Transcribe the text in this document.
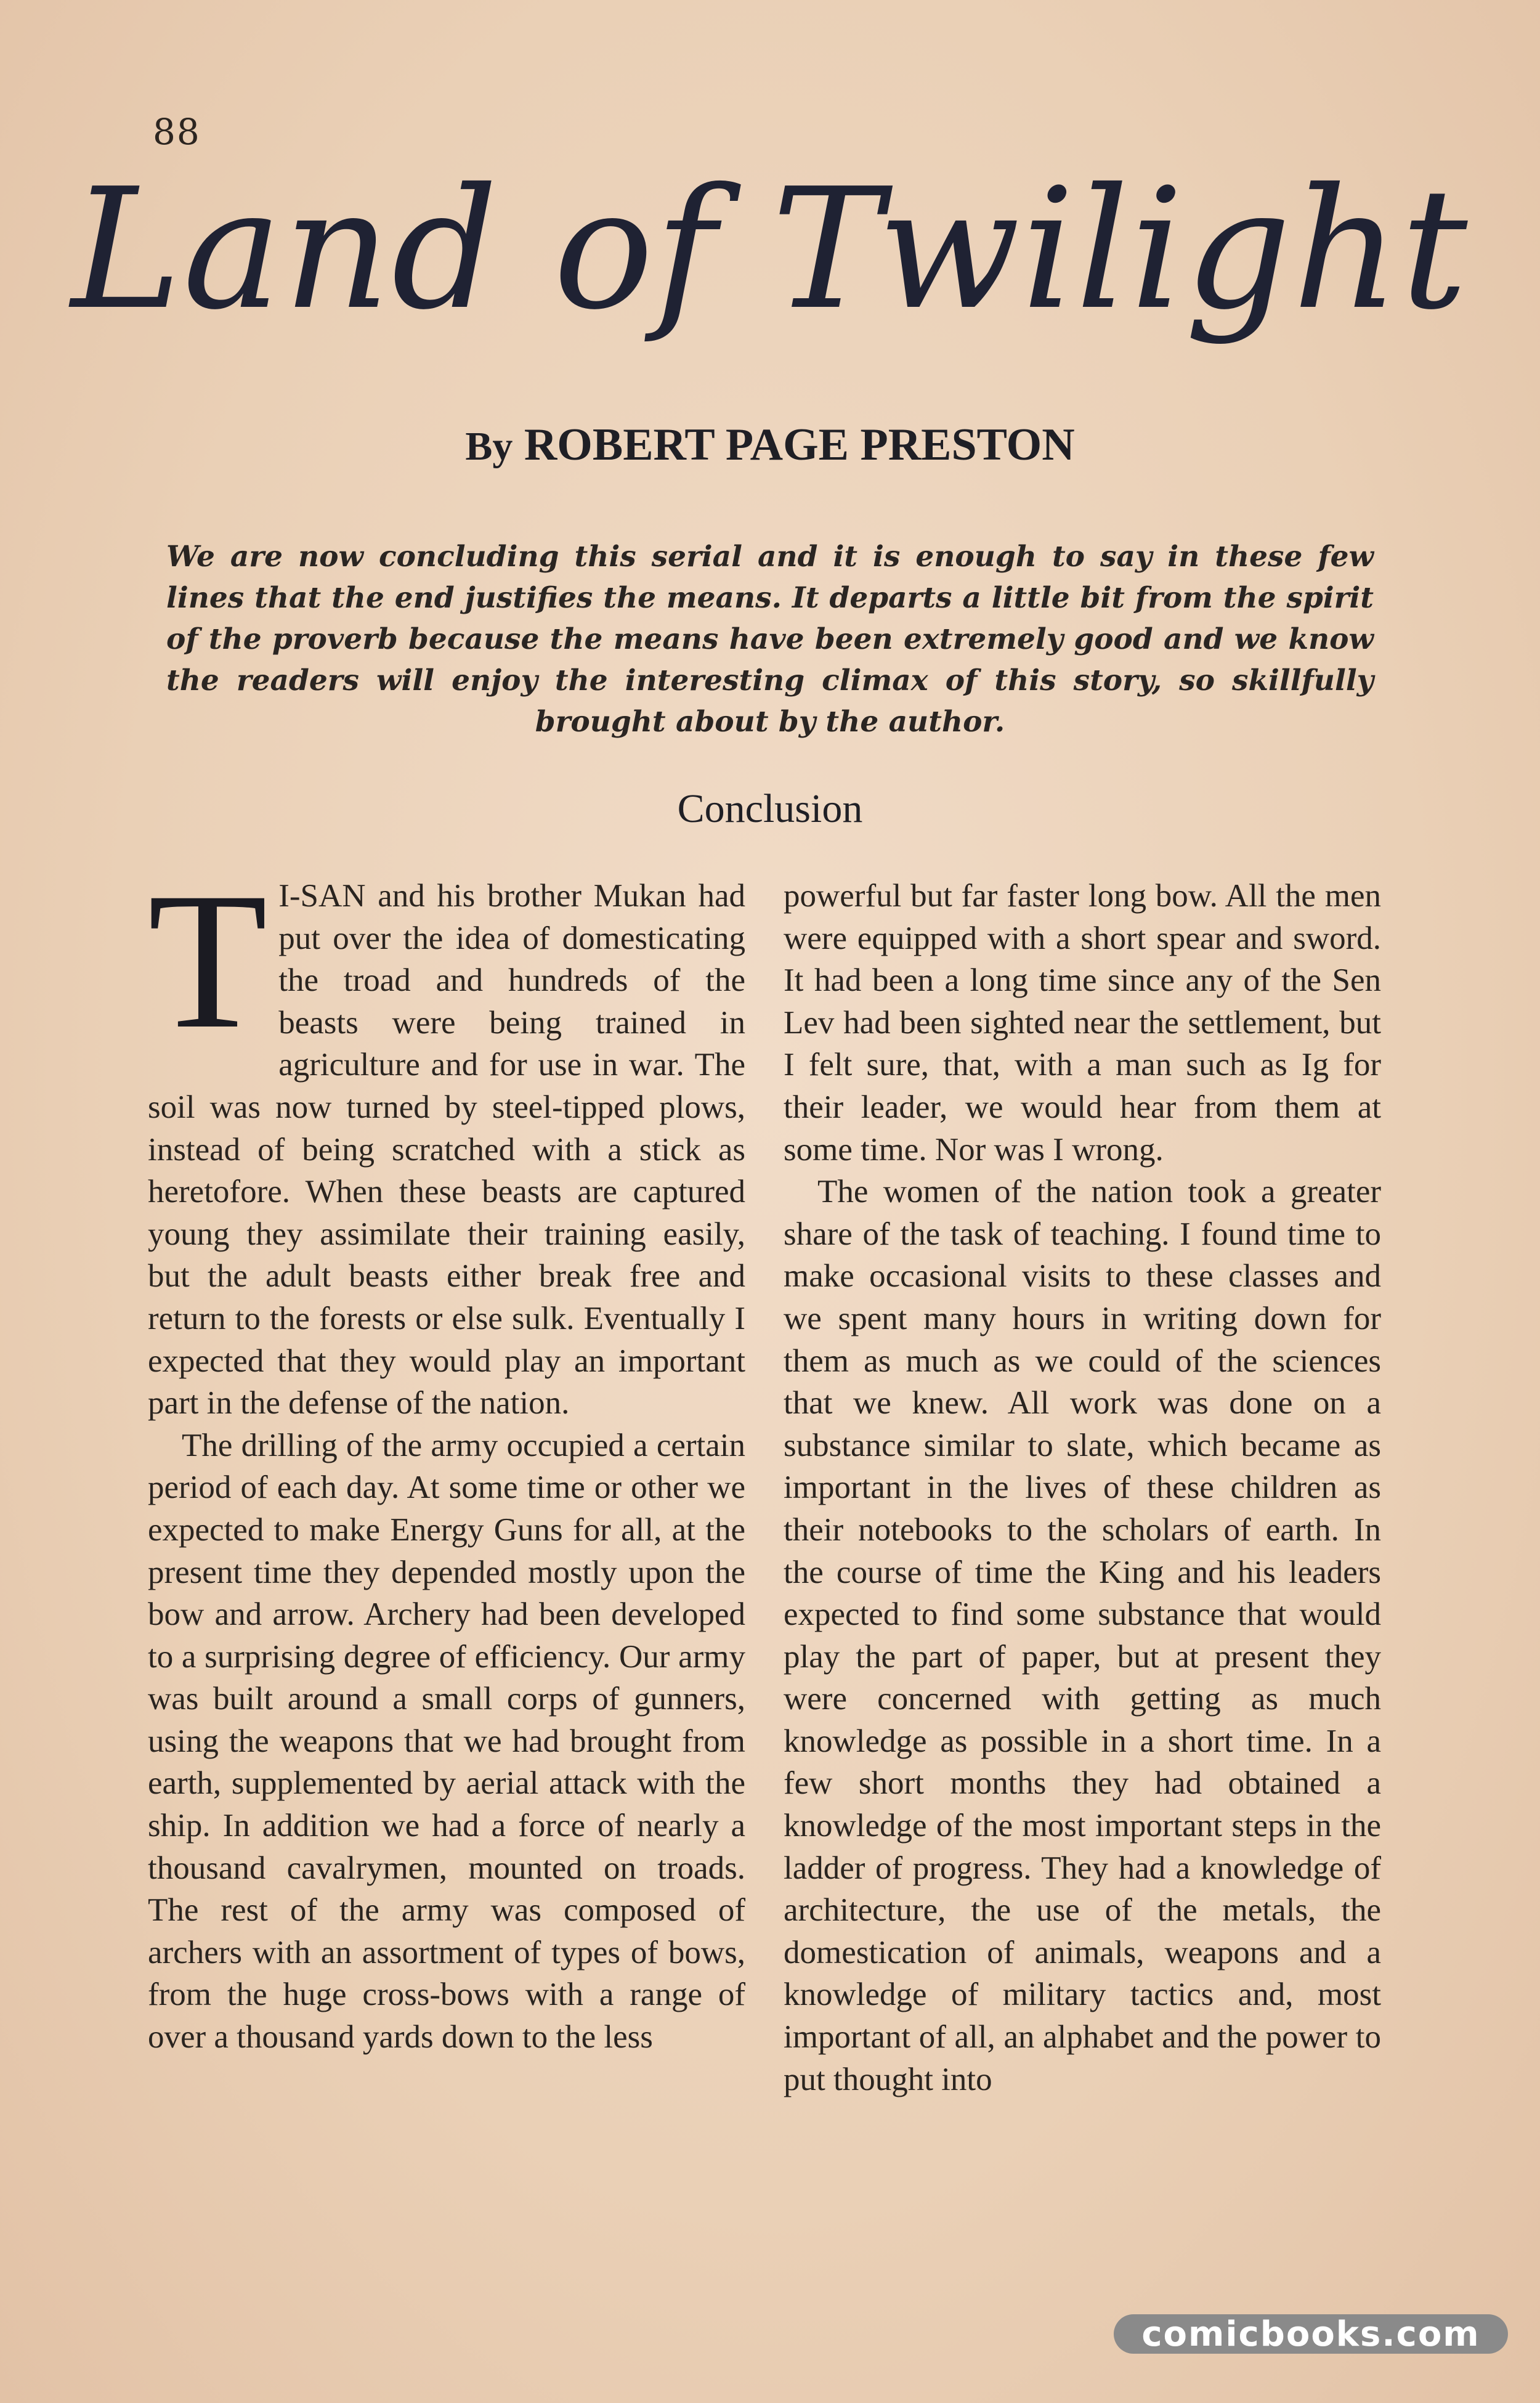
88
Land of Twilight
By ROBERT PAGE PRESTON
We are now concluding this serial and it is enough to say in these few lines that the end justifies the means. It departs a little bit from the spirit of the proverb because the means have been extremely good and we know the readers will enjoy the interesting climax of this story, so skillfully brought about by the author.
Conclusion

T I-SAN and his brother Mukan had put over the idea of domesticating the troad and hundreds of the beasts were being trained in agriculture and for use in war. The soil was now turned by steel-tipped plows, instead of being scratched with a stick as heretofore. When these beasts are captured young they assimilate their training easily, but the adult beasts either break free and return to the forests or else sulk. Eventually I expected that they would play an important part in the defense of the nation.

The drilling of the army occupied a certain period of each day. At some time or other we expected to make Energy Guns for all, at the present time they depended mostly upon the bow and arrow. Archery had been developed to a surprising degree of efficiency. Our army was built around a small corps of gunners, using the weapons that we had brought from earth, supplemented by aerial attack with the ship. In addition we had a force of nearly a thousand cavalrymen, mounted on troads. The rest of the army was composed of archers with an assortment of types of bows, from the huge cross-bows with a range of over a thousand yards down to the less

powerful but far faster long bow. All the men were equipped with a short spear and sword. It had been a long time since any of the Sen Lev had been sighted near the settlement, but I felt sure, that, with a man such as Ig for their leader, we would hear from them at some time. Nor was I wrong.

The women of the nation took a greater share of the task of teaching. I found time to make occasional visits to these classes and we spent many hours in writing down for them as much as we could of the sciences that we knew. All work was done on a substance similar to slate, which became as important in the lives of these children as their notebooks to the scholars of earth. In the course of time the King and his leaders expected to find some substance that would play the part of paper, but at present they were concerned with getting as much knowledge as possible in a short time. In a few short months they had obtained a knowledge of the most important steps in the ladder of progress. They had a knowledge of architecture, the use of the metals, the domestication of animals, weapons and a knowledge of military tactics and, most important of all, an alphabet and the power to put thought into

comicbooks.com
